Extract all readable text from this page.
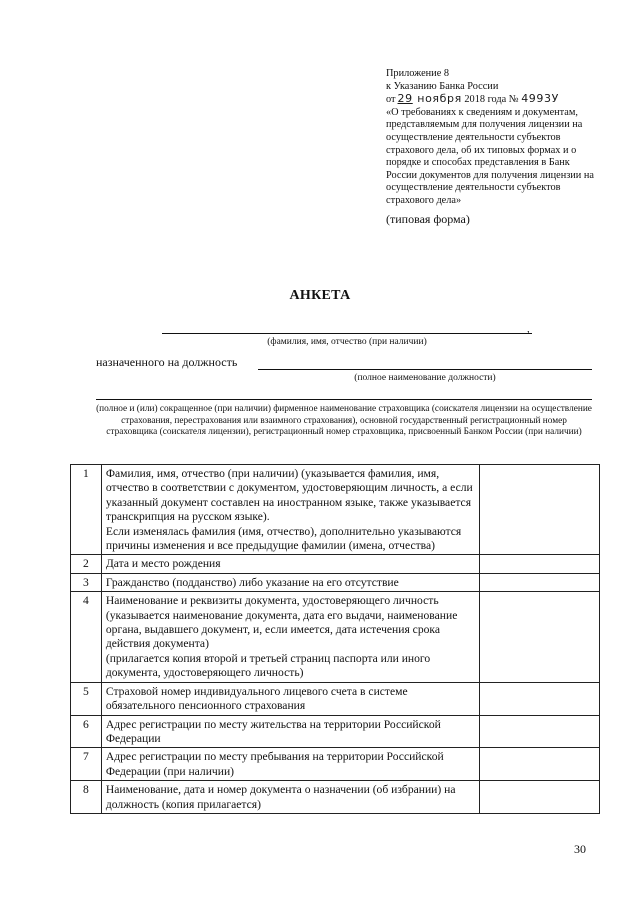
Приложение 8
к Указанию Банка России
от 29 ноября 2018 года № 4993У
«О требованиях к сведениям и документам, представляемым для получения лицензии на осуществление деятельности субъектов страхового дела, об их типовых формах и о порядке и способах представления в Банк России документов для получения лицензии на осуществление деятельности субъектов страхового дела»
(типовая форма)
АНКЕТА
,
(фамилия, имя, отчество (при наличии)
назначенного на должность
(полное наименование должности)
(полное и (или) сокращенное (при наличии) фирменное наименование страховщика (соискателя лицензии на осуществление страхования, перестрахования или взаимного страхования), основной государственный регистрационный номер страховщика (соискателя лицензии), регистрационный номер страховщика, присвоенный Банком России (при наличии)
1	Фамилия, имя, отчество (при наличии) (указывается фамилия, имя, отчество в соответствии с документом, удостоверяющим личность, а если указанный документ составлен на иностранном языке, также указывается транскрипция на русском языке).

Если изменялась фамилия (имя, отчество), дополнительно указываются причины изменения и все предыдущие фамилии (имена, отчества)	

2	Дата и место рождения	

3	Гражданство (подданство) либо указание на его отсутствие	

4	Наименование и реквизиты документа, удостоверяющего личность (указывается наименование документа, дата его выдачи, наименование органа, выдавшего документ, и, если имеется, дата истечения срока действия документа)

(прилагается копия второй и третьей страниц паспорта или иного документа, удостоверяющего личность)	

5	Страховой номер индивидуального лицевого счета в системе обязательного пенсионного страхования	

6	Адрес регистрации по месту жительства на территории Российской Федерации	

7	Адрес регистрации по месту пребывания на территории Российской Федерации (при наличии)	

8	Наименование, дата и номер документа о назначении (об избрании) на должность (копия прилагается)	

30
